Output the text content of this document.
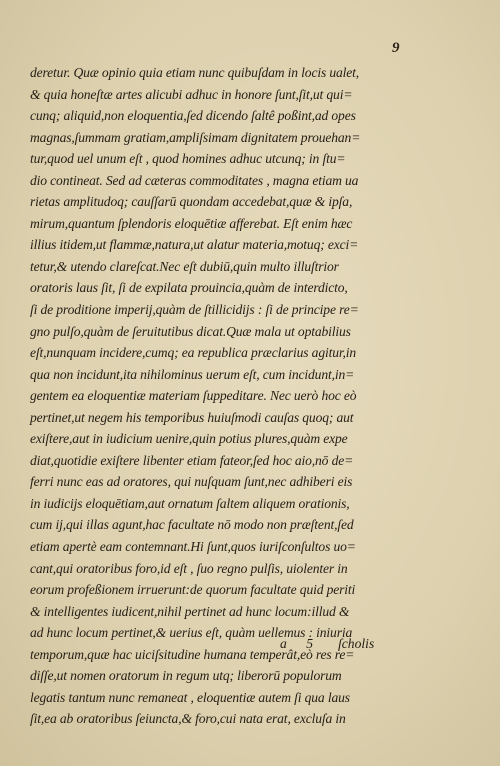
9
deretur. Quæ opinio quia etiam nunc quibuſdam in locis ualet,
& quia honeſtæ artes alicubi adhuc in honore ſunt,ſit,ut qui=
cunq; aliquid,non eloquentia,ſed dicendo ſaltê poßint,ad opes
magnas,ſummam gratiam,ampliſsimam dignitatem prouehan=
tur,quod uel unum eſt , quod homines adhuc utcunq; in ſtu=
dio contineat. Sed ad cæteras commoditates , magna etiam ua
rietas amplitudoq; cauſſarū quondam accedebat,quæ & ipſa,
mirum,quantum ſplendoris eloquētiæ afferebat. Eſt enim hæc
illius itidem,ut flammæ,natura,ut alatur materia,motuq; exci=
tetur,& utendo clareſcat.Nec eſt dubiū,quin multo illuſtrior
oratoris laus ſit, ſi de expilata prouincia,quàm de interdicto,
ſi de proditione imperij,quàm de ſtillicidijs : ſi de principe re=
gno pulſo,quàm de ſeruitutibus dicat.Quæ mala ut optabilius
eſt,nunquam incidere,cumq; ea republica præclarius agitur,in
qua non incidunt,ita nihilominus uerum eſt, cum incidunt,in=
gentem ea eloquentiæ materiam ſuppeditare. Nec uerò hoc eò
pertinet,ut negem his temporibus huiuſmodi cauſas quoq; aut
exiſtere,aut in iudicium uenire,quin potius plures,quàm expe
diat,quotidie exiſtere libenter etiam fateor,ſed hoc aio,nō de=
ferri nunc eas ad oratores, qui nuſquam ſunt,nec adhiberi eis
in iudicijs eloquētiam,aut ornatum ſaltem aliquem orationis,
cum ij,qui illas agunt,hac facultate nō modo non præſtent,ſed
etiam apertè eam contemnant.Hi ſunt,quos iuriſconſultos uo=
cant,qui oratoribus foro,id eſt , ſuo regno pulſis, uiolenter in
eorum profeßionem irruerunt:de quorum facultate quid periti
& intelligentes iudicent,nihil pertinet ad hunc locum:illud &
ad hunc locum pertinet,& uerius eſt, quàm uellemus : iniuria
temporum,quæ hac uiciſsitudine humana temperât,eò res re=
diſſe,ut nomen oratorum in regum utq; liberorū populorum
legatis tantum nunc remaneat , eloquentiæ autem ſi qua laus
ſit,ea ab oratoribus ſeiuncta,& foro,cui nata erat, excluſa in
a 5 ſcholis
